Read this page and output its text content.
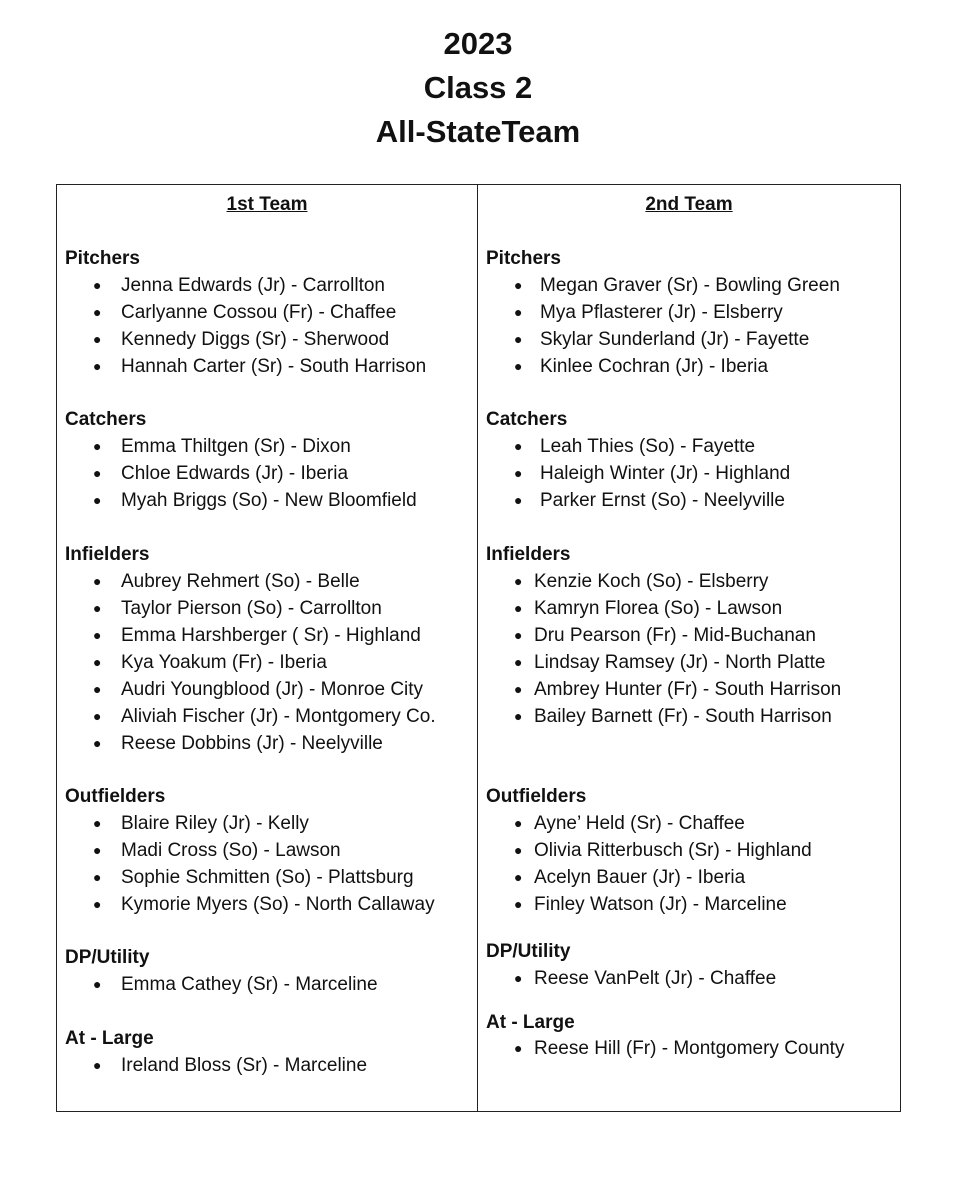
2023
Class 2
All-StateTeam
1st Team
Pitchers
● Jenna Edwards (Jr) - Carrollton
● Carlyanne Cossou (Fr) - Chaffee
● Kennedy Diggs (Sr) - Sherwood
● Hannah Carter (Sr) - South Harrison
Catchers
● Emma Thiltgen (Sr) - Dixon
● Chloe Edwards (Jr) - Iberia
● Myah Briggs (So) - New Bloomfield
Infielders
● Aubrey Rehmert (So) - Belle
● Taylor Pierson (So) - Carrollton
● Emma Harshberger ( Sr) - Highland
● Kya Yoakum (Fr) - Iberia
● Audri Youngblood (Jr) - Monroe City
● Aliviah Fischer (Jr) - Montgomery Co.
● Reese Dobbins (Jr) - Neelyville
Outfielders
● Blaire Riley (Jr) - Kelly
● Madi Cross (So) - Lawson
● Sophie Schmitten (So) - Plattsburg
● Kymorie Myers (So) - North Callaway
DP/Utility
● Emma Cathey (Sr) - Marceline
At - Large
● Ireland Bloss (Sr) - Marceline
2nd Team
Pitchers
● Megan Graver (Sr) - Bowling Green
● Mya Pflasterer (Jr) - Elsberry
● Skylar Sunderland (Jr) - Fayette
● Kinlee Cochran (Jr) - Iberia
Catchers
● Leah Thies (So) - Fayette
● Haleigh Winter (Jr) - Highland
● Parker Ernst (So) - Neelyville
Infielders
● Kenzie Koch (So) - Elsberry
● Kamryn Florea (So) - Lawson
● Dru Pearson (Fr) - Mid-Buchanan
● Lindsay Ramsey (Jr) - North Platte
● Ambrey Hunter (Fr) - South Harrison
● Bailey Barnett (Fr) - South Harrison
Outfielders
● Ayne’ Held (Sr) - Chaffee
● Olivia Ritterbusch (Sr) - Highland
● Acelyn Bauer (Jr) - Iberia
● Finley Watson (Jr) - Marceline
DP/Utility
● Reese VanPelt (Jr) - Chaffee
At - Large
● Reese Hill (Fr) - Montgomery County
